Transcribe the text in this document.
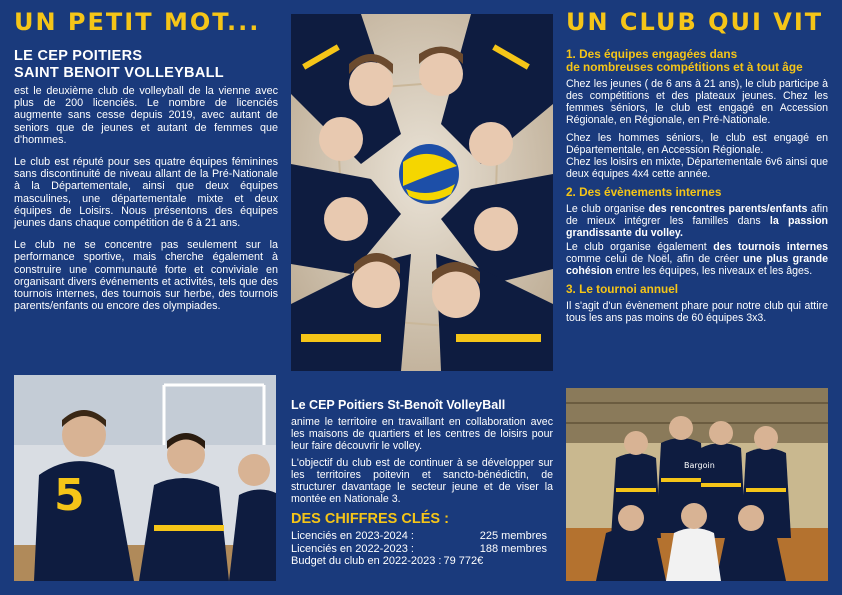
UN PETIT MOT...
LE CEP POITIERS
SAINT BENOIT VOLLEYBALL

est le deuxième club de volleyball de la vienne avec plus de 200 licenciés. Le nombre de licenciés augmente sans cesse depuis 2019, avec autant de seniors que de jeunes et autant de femmes que d'hommes.

Le club est réputé pour ses quatre équipes féminines sans discontinuité de niveau allant de la Pré-Nationale à la Départementale, ainsi que deux équipes masculines, une départementale mixte et deux équipes de Loisirs. Nous présentons des équipes jeunes dans chaque compétition de 6 à 21 ans.

Le club ne se concentre pas seulement sur la performance sportive, mais cherche également à construire une communauté forte et conviviale en organisant divers événements et activités, tels que des tournois internes, des tournois sur herbe, des tournois parents/enfants ou encore des olympiades.

5
Le CEP Poitiers St-Benoît VolleyBall

anime le territoire en travaillant en collaboration avec les maisons de quartiers et les centres de loisirs pour leur faire découvrir le volley.

L'objectif du club est de continuer à se développer sur les territoires poitevin et sancto-bénédictin, de structurer davantage le secteur jeune et de viser la montée en Nationale 3.

DES CHIFFRES CLÉS :
Licenciés en 2023-2024 :	225 membres
Licenciés en 2022-2023 :	188 membres
Budget du club en 2022-2023 : 79 772€
UN CLUB QUI VIT
1. Des équipes engagées dans
de nombreuses compétitions et à tout âge

Chez les jeunes ( de 6 ans à 21 ans), le club participe à des compétitions et des plateaux jeunes. Chez les femmes séniors, le club est engagé en Accession Régionale, en Régionale, en Pré-Nationale.

Chez les hommes séniors, le club est engagé en Départementale, en Accession Régionale.

Chez les loisirs en mixte, Départementale 6v6 ainsi que deux équipes 4x4 cette année.

2. Des évènements internes

Le club organise des rencontres parents/enfants afin de mieux intégrer les familles dans la passion grandissante du volley.

Le club organise également des tournois internes comme celui de Noël, afin de créer une plus grande cohésion entre les équipes, les niveaux et les âges.

3. Le tournoi annuel

Il s'agit d'un évènement phare pour notre club qui attire tous les ans pas moins de 60 équipes 3x3.

Bargoin
